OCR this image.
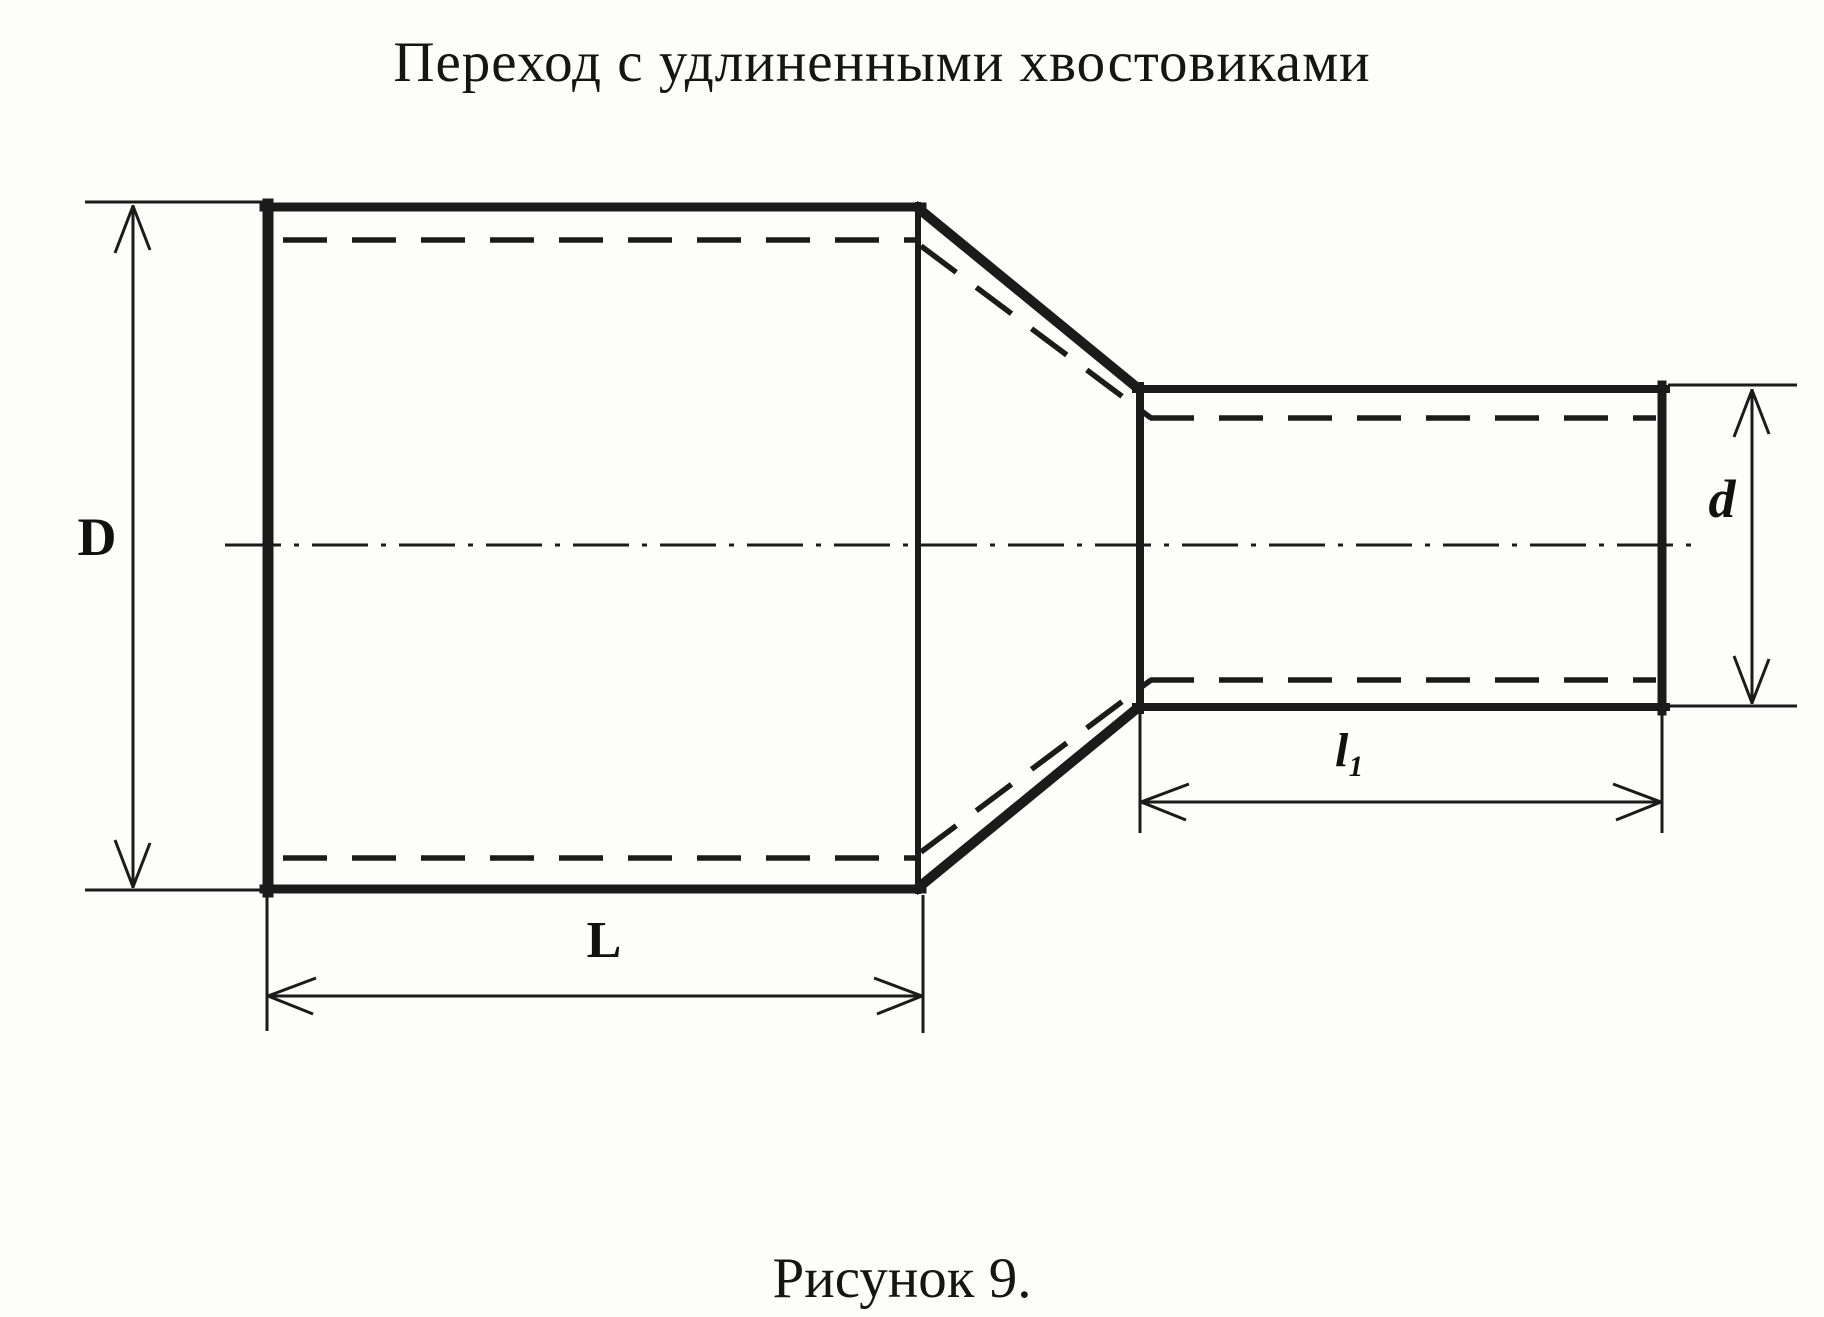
Переход с удлиненными хвостовиками
D
d
L
l₁
Рисунок 9.
